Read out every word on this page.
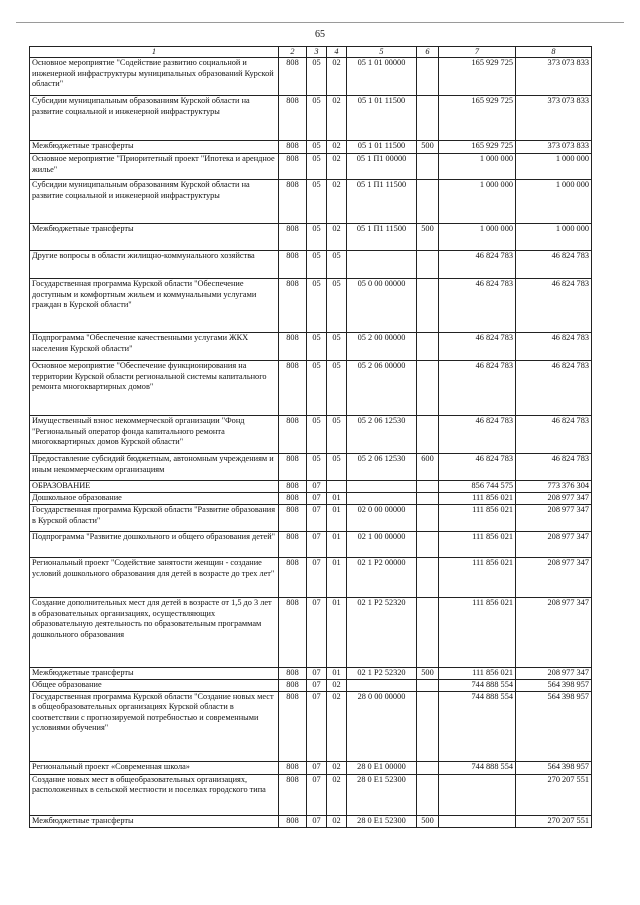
65
1	2	3	4	5	6	7	8
Основное мероприятие "Содействие развитию социальной и инженерной инфраструктуры муниципальных образований Курской области"	808	05	02	05 1 01 00000		165 929 725	373 073 833
Субсидии муниципальным образованиям Курской области на развитие социальной и инженерной инфраструктуры	808	05	02	05 1 01 11500		165 929 725	373 073 833
Межбюджетные трансферты	808	05	02	05 1 01 11500	500	165 929 725	373 073 833
Основное мероприятие "Приоритетный проект "Ипотека и арендное жилье"	808	05	02	05 1 П1 00000		1 000 000	1 000 000
Субсидии муниципальным образованиям Курской области на развитие социальной и инженерной инфраструктуры	808	05	02	05 1 П1 11500		1 000 000	1 000 000
Межбюджетные трансферты	808	05	02	05 1 П1 11500	500	1 000 000	1 000 000
Другие вопросы в области жилищно-коммунального хозяйства	808	05	05			46 824 783	46 824 783
Государственная программа Курской области "Обеспечение доступным и комфортным жильем и коммунальными услугами граждан в Курской области"	808	05	05	05 0 00 00000		46 824 783	46 824 783
Подпрограмма "Обеспечение качественными услугами ЖКХ населения Курской области"	808	05	05	05 2 00 00000		46 824 783	46 824 783
Основное мероприятие "Обеспечение функционирования на территории Курской области региональной системы капитального ремонта многоквартирных домов"	808	05	05	05 2 06 00000		46 824 783	46 824 783
Имущественный взнос некоммерческой организации "Фонд "Региональный оператор фонда капитального ремонта многоквартирных домов Курской области"	808	05	05	05 2 06 12530		46 824 783	46 824 783
Предоставление субсидий бюджетным, автономным учреждениям и иным некоммерческим организациям	808	05	05	05 2 06 12530	600	46 824 783	46 824 783
ОБРАЗОВАНИЕ	808	07				856 744 575	773 376 304
Дошкольное образование	808	07	01			111 856 021	208 977 347
Государственная программа Курской области "Развитие образования в Курской области"	808	07	01	02 0 00 00000		111 856 021	208 977 347
Подпрограмма "Развитие дошкольного и общего образования детей"	808	07	01	02 1 00 00000		111 856 021	208 977 347
Региональный проект "Содействие занятости женщин - создание условий дошкольного образования для детей в возрасте до трех лет"	808	07	01	02 1 P2 00000		111 856 021	208 977 347
Создание дополнительных мест для детей в возрасте от 1,5 до 3 лет в образовательных организациях, осуществляющих образовательную деятельность по образовательным программам дошкольного образования	808	07	01	02 1 P2 52320		111 856 021	208 977 347
Межбюджетные трансферты	808	07	01	02 1 P2 52320	500	111 856 021	208 977 347
Общее образование	808	07	02			744 888 554	564 398 957
Государственная программа Курской области "Создание новых мест в общеобразовательных организациях Курской области в соответствии с прогнозируемой потребностью и современными условиями обучения"	808	07	02	28 0 00 00000		744 888 554	564 398 957
Региональный проект «Современная школа»	808	07	02	28 0 E1 00000		744 888 554	564 398 957
Создание новых мест в общеобразовательных организациях, расположенных в сельской местности и поселках городского типа	808	07	02	28 0 E1 52300			270 207 551
Межбюджетные трансферты	808	07	02	28 0 E1 52300	500		270 207 551
